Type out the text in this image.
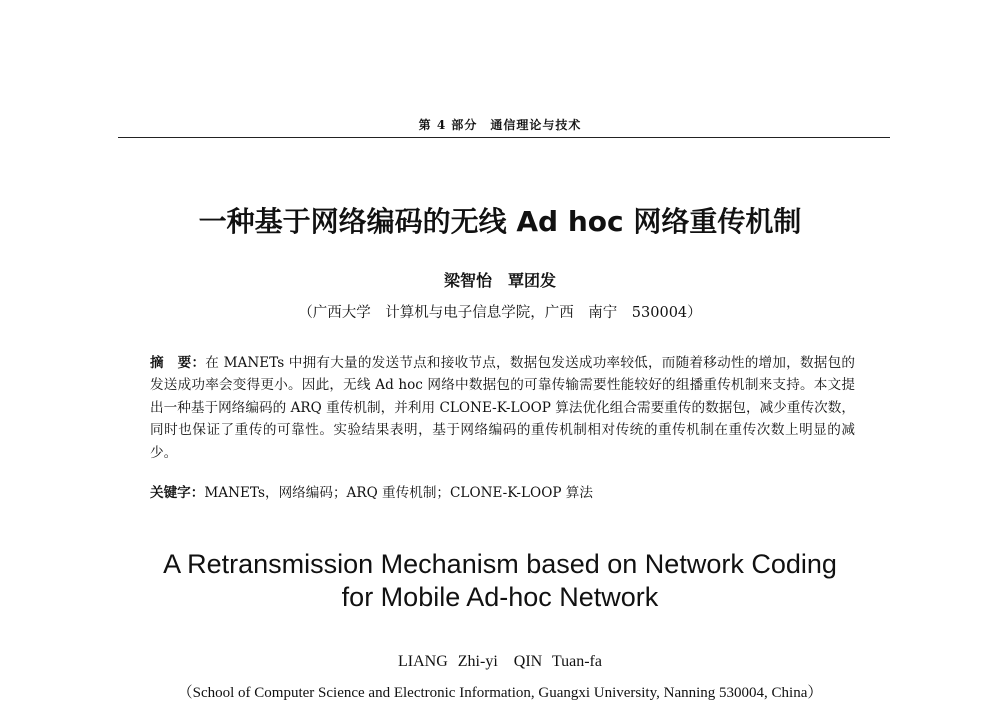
第 4 部分　通信理论与技术
一种基于网络编码的无线 Ad hoc 网络重传机制
梁智怡　覃团发
（广西大学　计算机与电子信息学院，广西　南宁　530004）
摘　要：在 MANETs 中拥有大量的发送节点和接收节点，数据包发送成功率较低，而随着移动性的增加，数据包的发送成功率会变得更小。因此，无线 Ad hoc 网络中数据包的可靠传输需要性能较好的组播重传机制来支持。本文提出一种基于网络编码的 ARQ 重传机制，并利用 CLONE-K-LOOP 算法优化组合需要重传的数据包，减少重传次数，同时也保证了重传的可靠性。实验结果表明，基于网络编码的重传机制相对传统的重传机制在重传次数上明显的减少。
关键字：MANETs，网络编码；ARQ 重传机制；CLONE-K-LOOP 算法
A Retransmission Mechanism based on Network Coding
for Mobile Ad-hoc Network
LIANG Zhi-yi　QIN Tuan-fa
（School of Computer Science and Electronic Information, Guangxi University, Nanning 530004, China）
